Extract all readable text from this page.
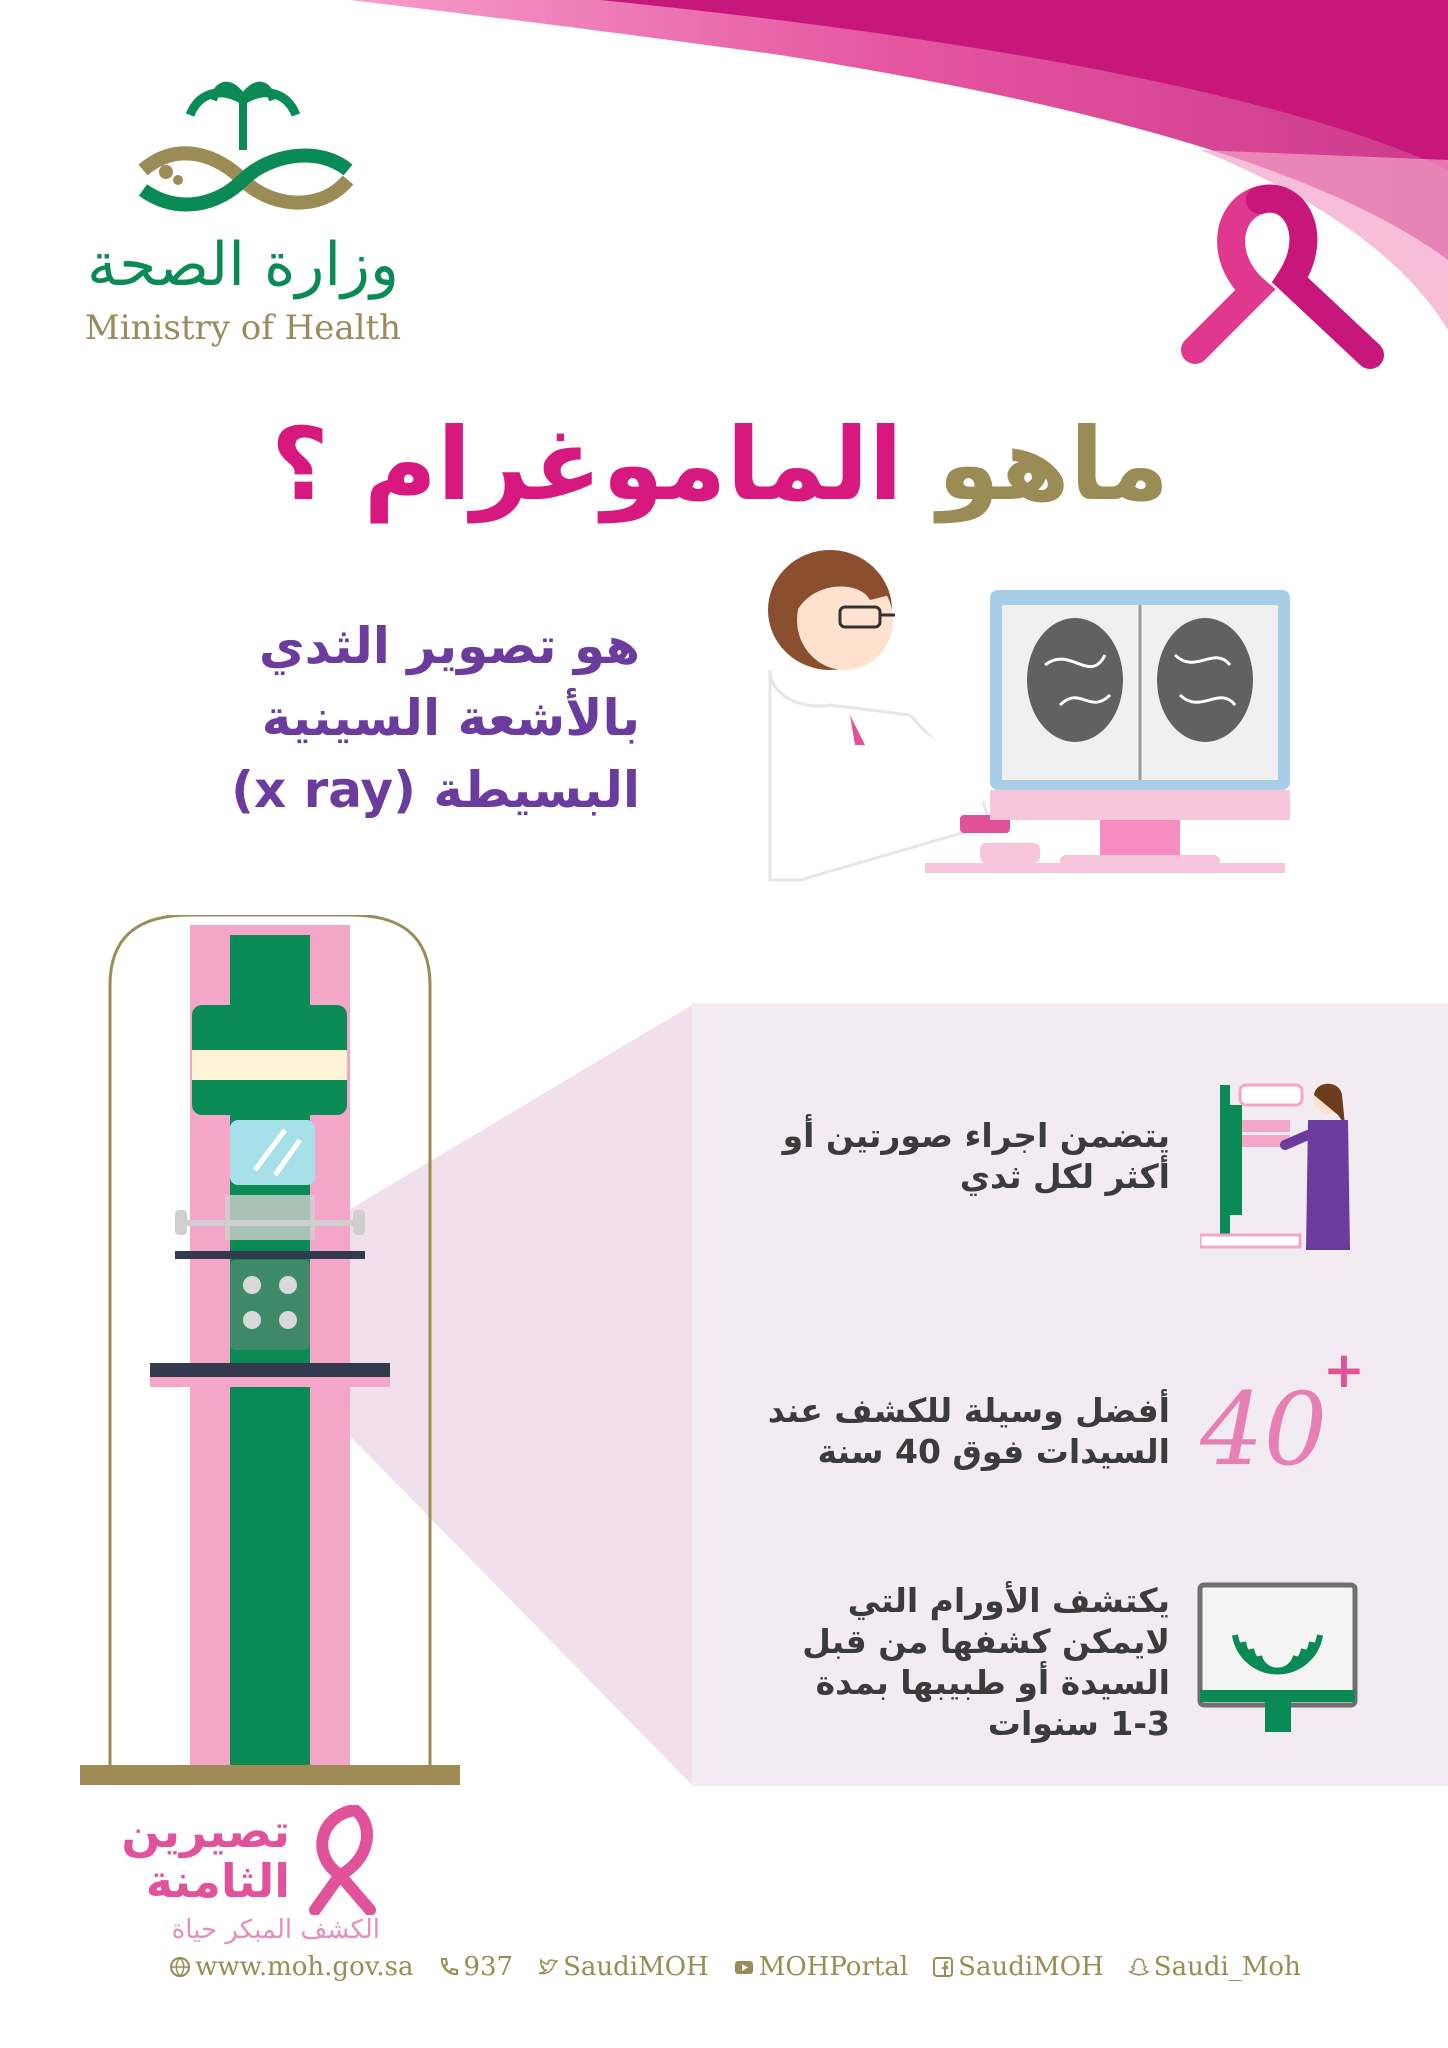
وزارة الصحة
Ministry of Health
ماهو الماموغرام ؟
هو تصوير الثدي
بالأشعة السينية
البسيطة (x ray)
يتضمن اجراء صورتين أو
أكثر لكل ثدي
أفضل وسيلة للكشف عند
السيدات فوق 40 سنة 40
+
يكتشف الأورام التي
لايمكن كشفها من قبل
السيدة أو طبيبها بمدة
1-3 سنوات
تصيرين
الثامنة
الكشف المبكر حياة
www.moh.gov.sa 937 SaudiMOH MOHPortal SaudiMOH Saudi_Moh
